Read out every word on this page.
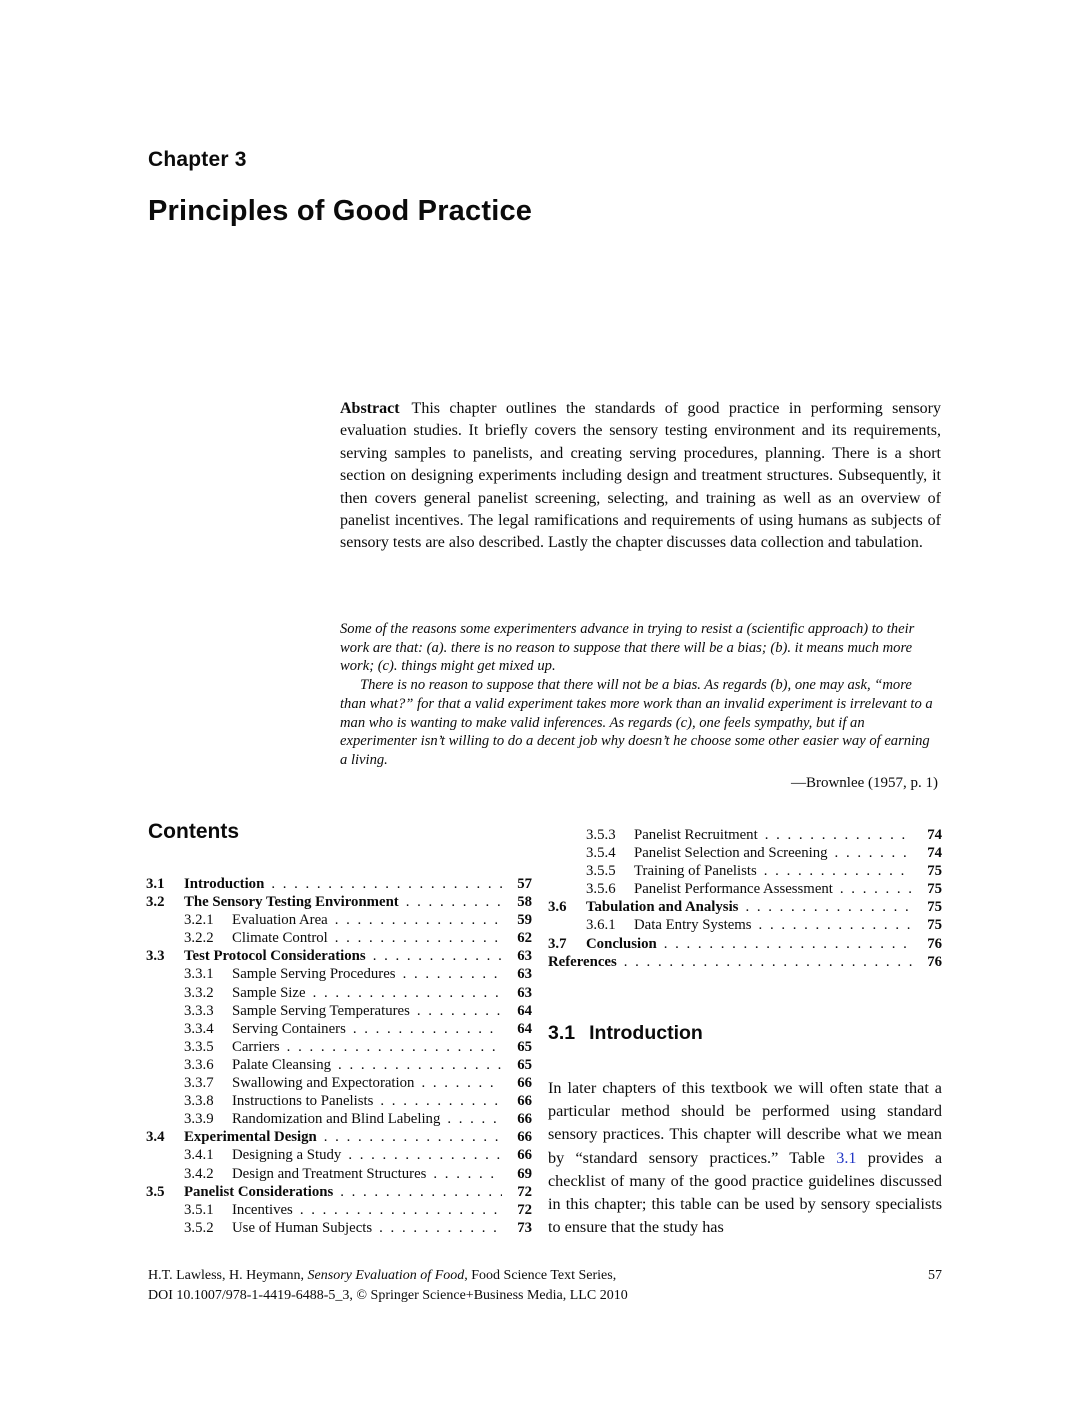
Chapter 3
Principles of Good Practice

Abstract This chapter outlines the standards of good practice in performing sensory evaluation studies. It briefly covers the sensory testing environment and its requirements, serving samples to panelists, and creating serving procedures, planning. There is a short section on designing experiments including design and treatment structures. Subsequently, it then covers general panelist screening, selecting, and training as well as an overview of panelist incentives. The legal ramifications and requirements of using humans as subjects of sensory tests are also described. Lastly the chapter discusses data collection and tabulation.

Some of the reasons some experimenters advance in trying to resist a (scientific approach) to their work are that: (a). there is no reason to suppose that there will be a bias; (b). it means much more work; (c). things might get mixed up.

There is no reason to suppose that there will not be a bias. As regards (b), one may ask, “more than what?” for that a valid experiment takes more work than an invalid experiment is irrelevant to a man who is wanting to make valid inferences. As regards (c), one feels sympathy, but if an experimenter isn’t willing to do a decent job why doesn’t he choose some other easier way of earning a living.

—Brownlee (1957, p. 1)
Contents
3.1	Introduction . . .	57
3.2	The Sensory Testing Environment . . .	58
3.2.1	Evaluation Area . . .	59
3.2.2	Climate Control . . .	62
3.3	Test Protocol Considerations . . .	63
3.3.1	Sample Serving Procedures . . .	63
3.3.2	Sample Size . . .	63
3.3.3	Sample Serving Temperatures . . .	64
3.3.4	Serving Containers . . .	64
3.3.5	Carriers . . .	65
3.3.6	Palate Cleansing . . .	65
3.3.7	Swallowing and Expectoration . . .	66
3.3.8	Instructions to Panelists . . .	66
3.3.9	Randomization and Blind Labeling . . .	66
3.4	Experimental Design . . .	66
3.4.1	Designing a Study . . .	66
3.4.2	Design and Treatment Structures . . .	69
3.5	Panelist Considerations . . .	72
3.5.1	Incentives . . .	72
3.5.2	Use of Human Subjects . . .	73
3.5.3	Panelist Recruitment . . .	74
3.5.4	Panelist Selection and Screening . . .	74
3.5.5	Training of Panelists . . .	75
3.5.6	Panelist Performance Assessment . . .	75
3.6	Tabulation and Analysis . . .	75
3.6.1	Data Entry Systems . . .	75
3.7	Conclusion . . .	76
References . . .	76
3.1 Introduction

In later chapters of this textbook we will often state that a particular method should be performed using standard sensory practices. This chapter will describe what we mean by “standard sensory practices.” Table 3.1 provides a checklist of many of the good practice guidelines discussed in this chapter; this table can be used by sensory specialists to ensure that the study has

H.T. Lawless, H. Heymann, Sensory Evaluation of Food, Food Science Text Series,
DOI 10.1007/978-1-4419-6488-5_3, © Springer Science+Business Media, LLC 2010
57
